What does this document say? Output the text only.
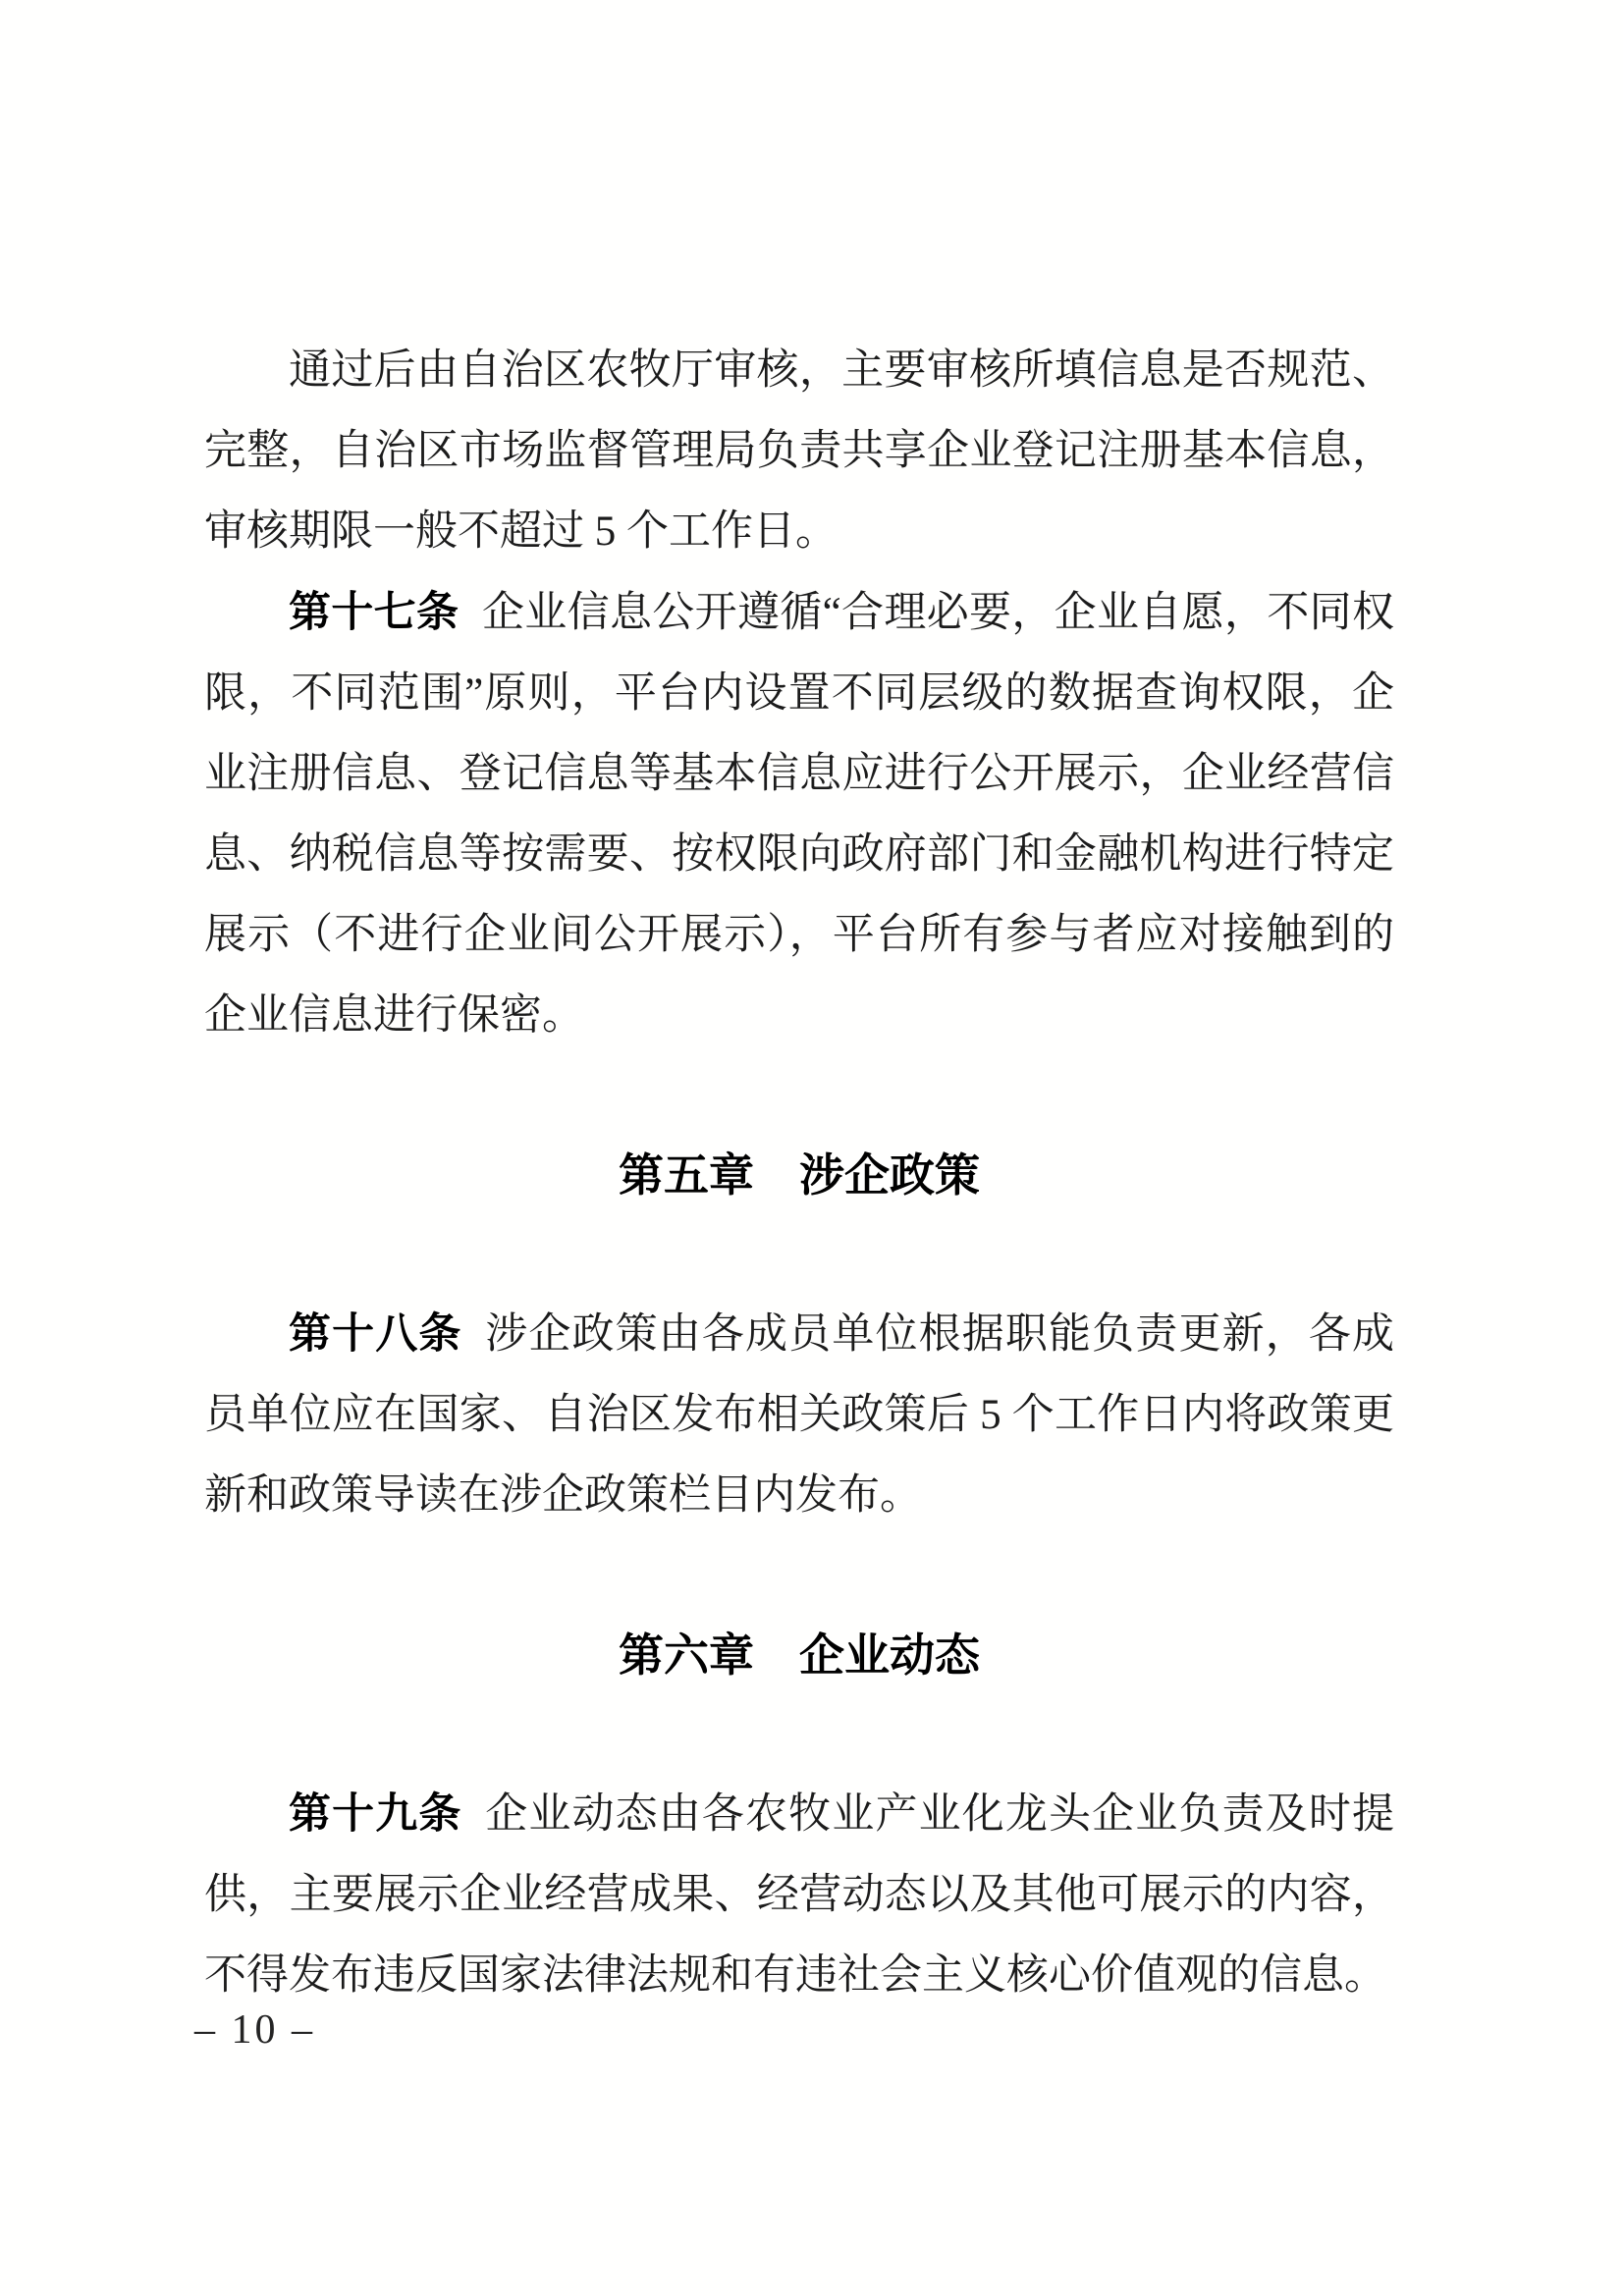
通过后由自治区农牧厅审核，主要审核所填信息是否规范、完整，自治区市场监督管理局负责共享企业登记注册基本信息，审核期限一般不超过 5 个工作日。

第十七条 企业信息公开遵循“合理必要，企业自愿，不同权限，不同范围”原则，平台内设置不同层级的数据查询权限，企业注册信息、登记信息等基本信息应进行公开展示，企业经营信息、纳税信息等按需要、按权限向政府部门和金融机构进行特定展示（不进行企业间公开展示），平台所有参与者应对接触到的企业信息进行保密。

第五章　涉企政策

第十八条 涉企政策由各成员单位根据职能负责更新，各成员单位应在国家、自治区发布相关政策后 5 个工作日内将政策更新和政策导读在涉企政策栏目内发布。

第六章　企业动态

第十九条 企业动态由各农牧业产业化龙头企业负责及时提供，主要展示企业经营成果、经营动态以及其他可展示的内容，不得发布违反国家法律法规和有违社会主义核心价值观的信息。

– 10 –
